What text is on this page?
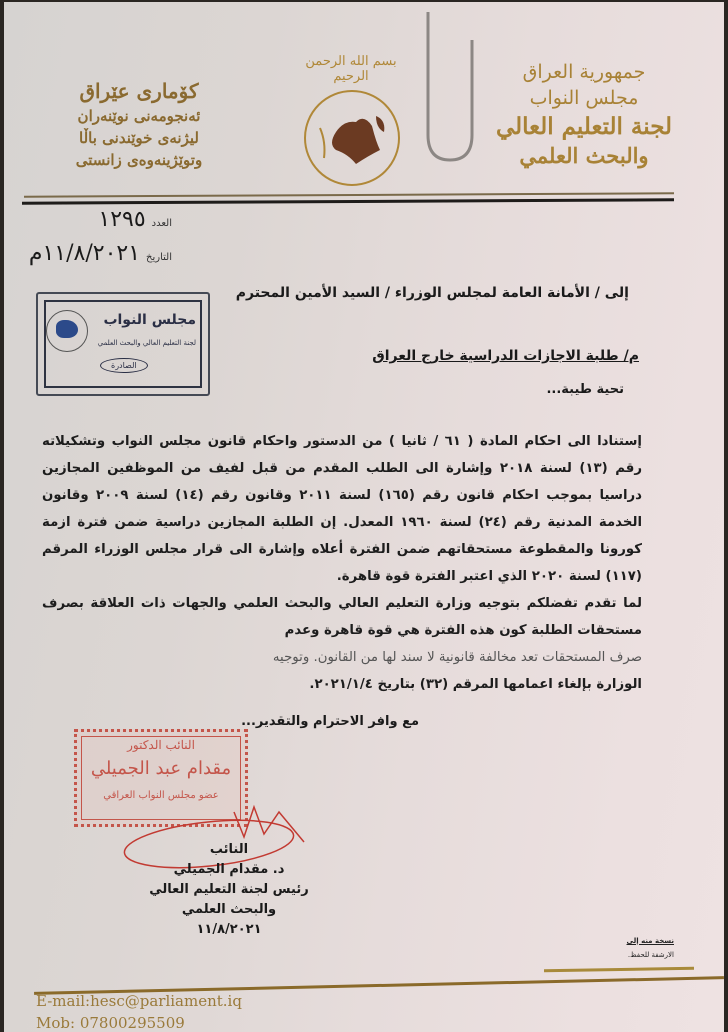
جمهورية العراق
مجلس النواب
لجنة التعليم العالي
والبحث العلمي
بسم الله الرحمن الرحيم
کۆماری عێراق
ئەنجومەنی نوێنەران
لیژنەی خوێندنی باڵا
وتوێژینەوەی زانستی
العدد
١٢٩٥
التاريخ
١١/٨/٢٠٢١م
مجلس النواب
لجنة التعليم العالي والبحث العلمي
الصادرة
إلى / الأمانة العامة لمجلس الوزراء / السيد الأمين المحترم
م/ طلبة الاجازات الدراسية خارج العراق
تحية طيبة...

إستنادا الى احكام المادة ( ٦١ / ثانيا ) من الدستور واحكام قانون مجلس النواب وتشكيلاته رقم (١٣) لسنة ٢٠١٨ وإشارة الى الطلب المقدم من قبل لفيف من الموظفين المجازين دراسيا بموجب احكام قانون رقم (١٦٥) لسنة ٢٠١١ وقانون رقم (١٤) لسنة ٢٠٠٩ وقانون الخدمة المدنية رقم (٢٤) لسنة ١٩٦٠ المعدل. إن الطلبة المجازين دراسية ضمن فترة ازمة كورونا والمقطوعة مستحقاتهم ضمن الفترة أعلاه وإشارة الى قرار مجلس الوزراء المرقم (١١٧) لسنة ٢٠٢٠ الذي اعتبر الفترة قوة قاهرة.

لما تقدم تفضلكم بتوجيه وزارة التعليم العالي والبحث العلمي والجهات ذات العلاقة بصرف مستحقات الطلبة كون هذه الفترة هي قوة قاهرة وعدم

صرف المستحقات تعد مخالفة قانونية لا سند لها من القانون. وتوجيه

الوزارة بإلغاء اعمامها المرقم (٣٢) بتاريخ ٢٠٢١/١/٤.

مع وافر الاحترام والتقدير...
النائب الدكتور
مقدام عبد الجميلي
عضو مجلس النواب العراقي
النائب
د. مقدام الجميلي
رئيس لجنة التعليم العالي
والبحث العلمي
١١/٨/٢٠٢١
نسخة منه إلى
الارشفة للحفظ.
E-mail:hesc@parliament.iq
Mob: 07800295509
